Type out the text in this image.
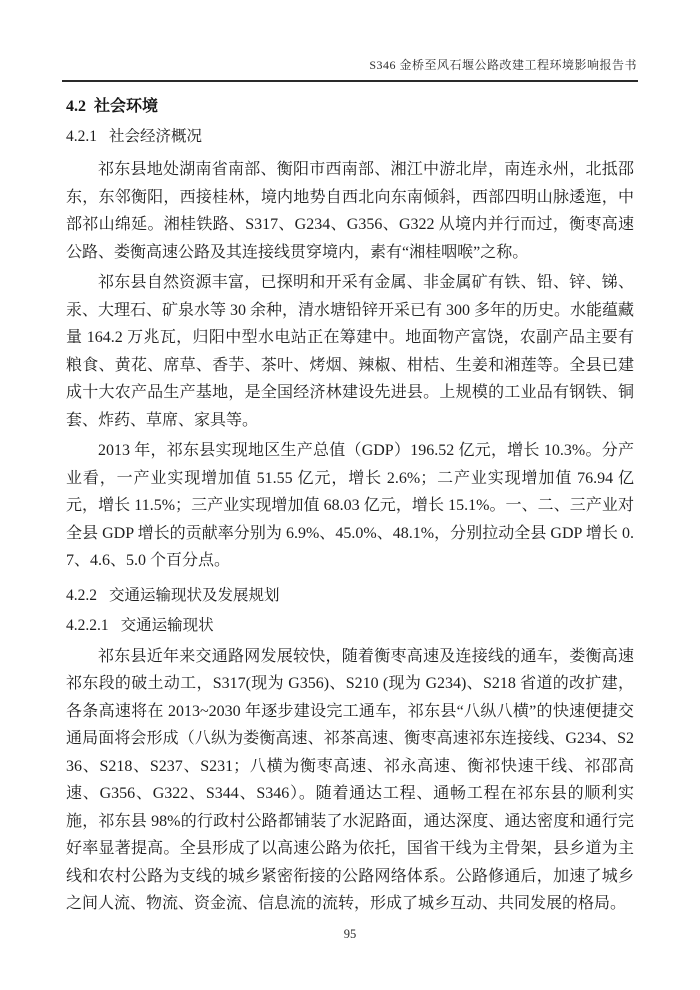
S346 金桥至风石堰公路改建工程环境影响报告书
4.2 社会环境
4.2.1 社会经济概况

祁东县地处湖南省南部、衡阳市西南部、湘江中游北岸，南连永州，北抵邵东，东邻衡阳，西接桂林，境内地势自西北向东南倾斜，西部四明山脉逶迤，中部祁山绵延。湘桂铁路、S317、G234、G356、G322 从境内并行而过，衡枣高速公路、娄衡高速公路及其连接线贯穿境内，素有“湘桂咽喉”之称。

祁东县自然资源丰富，已探明和开采有金属、非金属矿有铁、铅、锌、锑、汞、大理石、矿泉水等 30 余种，清水塘铅锌开采已有 300 多年的历史。水能蕴藏量 164.2 万兆瓦，归阳中型水电站正在筹建中。地面物产富饶，农副产品主要有粮食、黄花、席草、香芋、茶叶、烤烟、辣椒、柑桔、生姜和湘莲等。全县已建成十大农产品生产基地，是全国经济林建设先进县。上规模的工业品有钢铁、铜套、炸药、草席、家具等。

2013 年，祁东县实现地区生产总值（GDP）196.52 亿元，增长 10.3%。分产业看，一产业实现增加值 51.55 亿元，增长 2.6%；二产业实现增加值 76.94 亿元，增长 11.5%；三产业实现增加值 68.03 亿元，增长 15.1%。一、二、三产业对全县 GDP 增长的贡献率分别为 6.9%、45.0%、48.1%，分别拉动全县 GDP 增长 0.7、4.6、5.0 个百分点。

4.2.2 交通运输现状及发展规划
4.2.2.1 交通运输现状

祁东县近年来交通路网发展较快，随着衡枣高速及连接线的通车，娄衡高速祁东段的破土动工，S317(现为 G356)、S210 (现为 G234)、S218 省道的改扩建，各条高速将在 2013~2030 年逐步建设完工通车，祁东县“八纵八横”的快速便捷交通局面将会形成（八纵为娄衡高速、祁茶高速、衡枣高速祁东连接线、G234、S236、S218、S237、S231；八横为衡枣高速、祁永高速、衡祁快速干线、祁邵高速、G356、G322、S344、S346）。随着通达工程、通畅工程在祁东县的顺利实施，祁东县 98%的行政村公路都铺装了水泥路面，通达深度、通达密度和通行完好率显著提高。全县形成了以高速公路为依托，国省干线为主骨架，县乡道为主线和农村公路为支线的城乡紧密衔接的公路网络体系。公路修通后，加速了城乡之间人流、物流、资金流、信息流的流转，形成了城乡互动、共同发展的格局。

95
